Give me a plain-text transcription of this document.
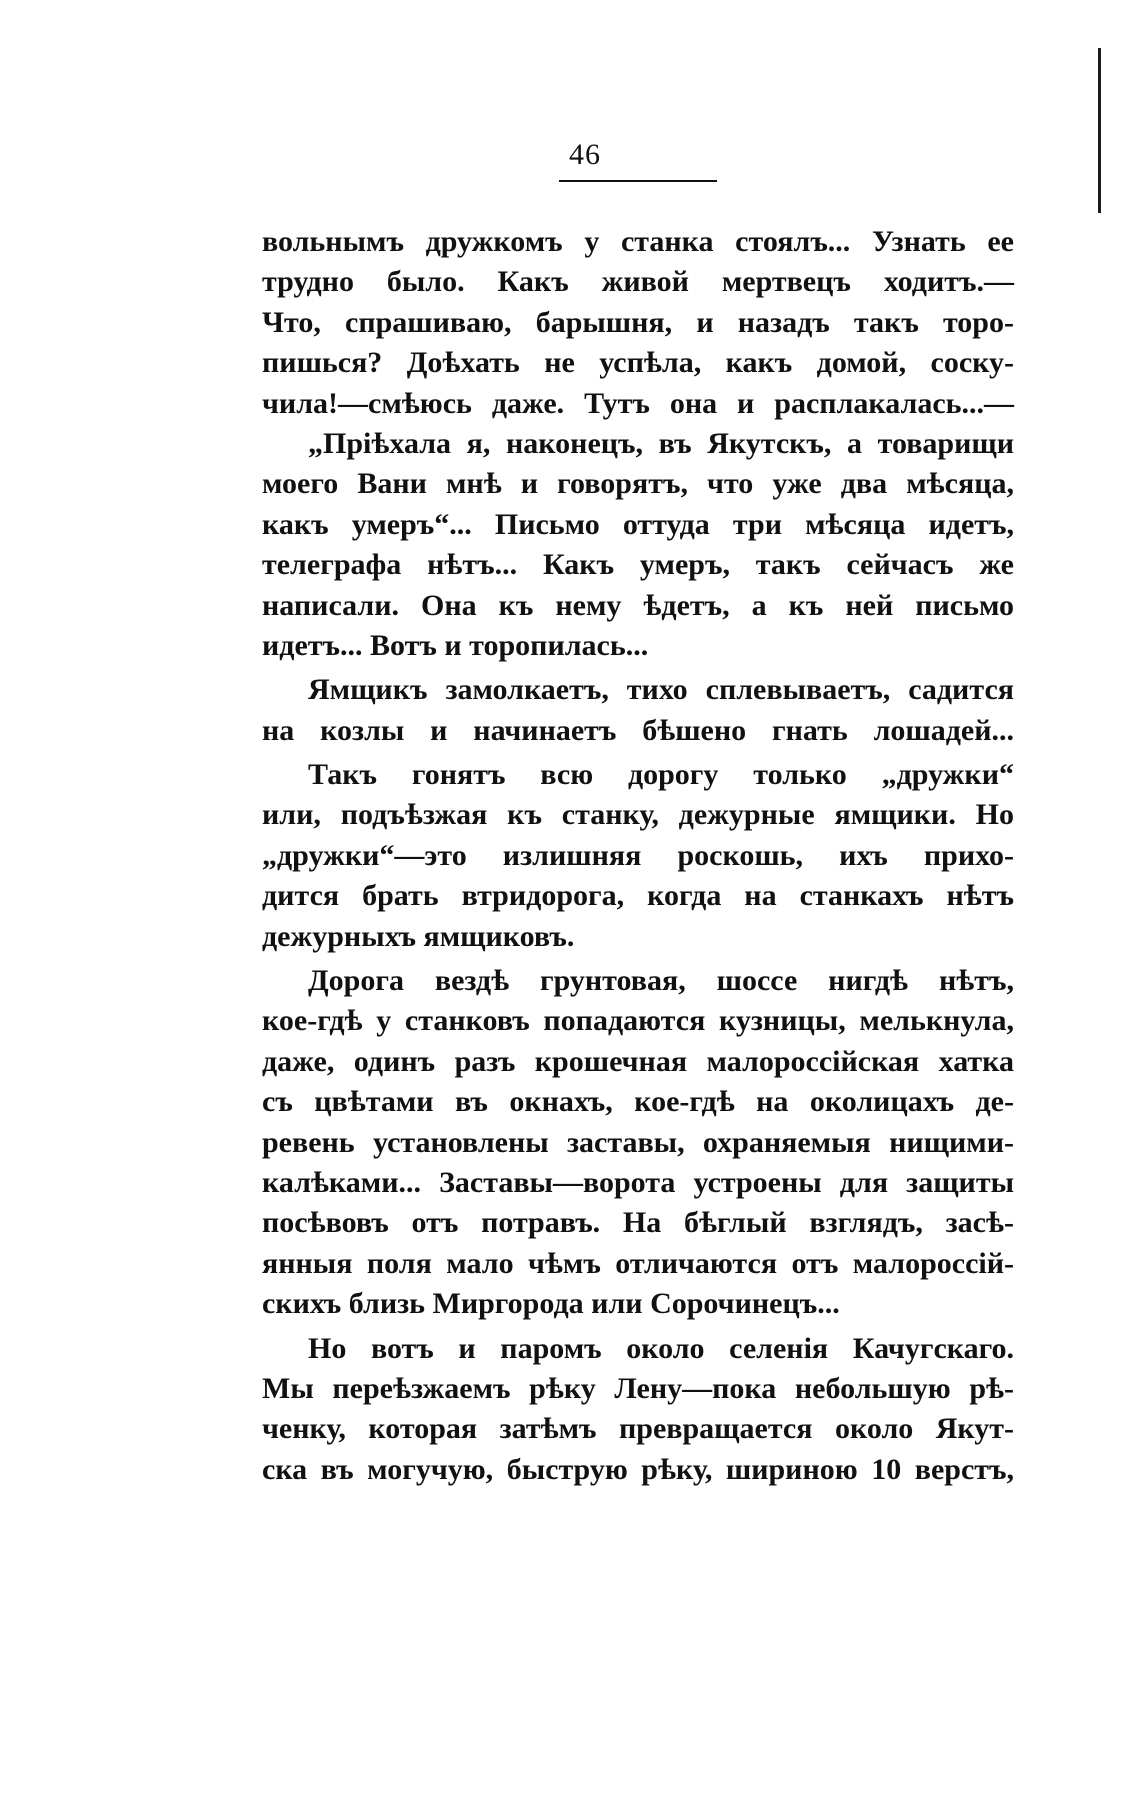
46
вольнымъ дружкомъ у станка стоялъ... Узнать ее
трудно было. Какъ живой мертвецъ ходитъ.—
Что, спрашиваю, барышня, и назадъ такъ торо-
пишься? Доѣхать не успѣла, какъ домой, соску-
чила!—смѣюсь даже. Тутъ она и расплакалась...—
„Пріѣхала я, наконецъ, въ Якутскъ, а товарищи
моего Вани мнѣ и говорятъ, что уже два мѣсяца,
какъ умеръ“... Письмо оттуда три мѣсяца идетъ,
телеграфа нѣтъ... Какъ умеръ, такъ сейчасъ же
написали. Она къ нему ѣдетъ, а къ ней письмо
идетъ... Вотъ и торопилась...
Ямщикъ замолкаетъ, тихо сплевываетъ, садится
на козлы и начинаетъ бѣшено гнать лошадей...
Такъ гонятъ всю дорогу только „дружки“
или, подъѣзжая къ станку, дежурные ямщики. Но
„дружки“—это излишняя роскошь, ихъ прихо-
дится брать втридорога, когда на станкахъ нѣтъ
дежурныхъ ямщиковъ.
Дорога вездѣ грунтовая, шоссе нигдѣ нѣтъ,
кое-гдѣ у станковъ попадаются кузницы, мелькнула,
даже, одинъ разъ крошечная малороссійская хатка
съ цвѣтами въ окнахъ, кое-гдѣ на околицахъ де-
ревень установлены заставы, охраняемыя нищими-
калѣками... Заставы—ворота устроены для защиты
посѣвовъ отъ потравъ. На бѣглый взглядъ, засѣ-
янныя поля мало чѣмъ отличаются отъ малороссій-
скихъ близь Миргорода или Сорочинецъ...
Но вотъ и паромъ около селенія Качугскаго.
Мы переѣзжаемъ рѣку Лену—пока небольшую рѣ-
ченку, которая затѣмъ превращается около Якут-
ска въ могучую, быструю рѣку, шириною 10 верстъ,
